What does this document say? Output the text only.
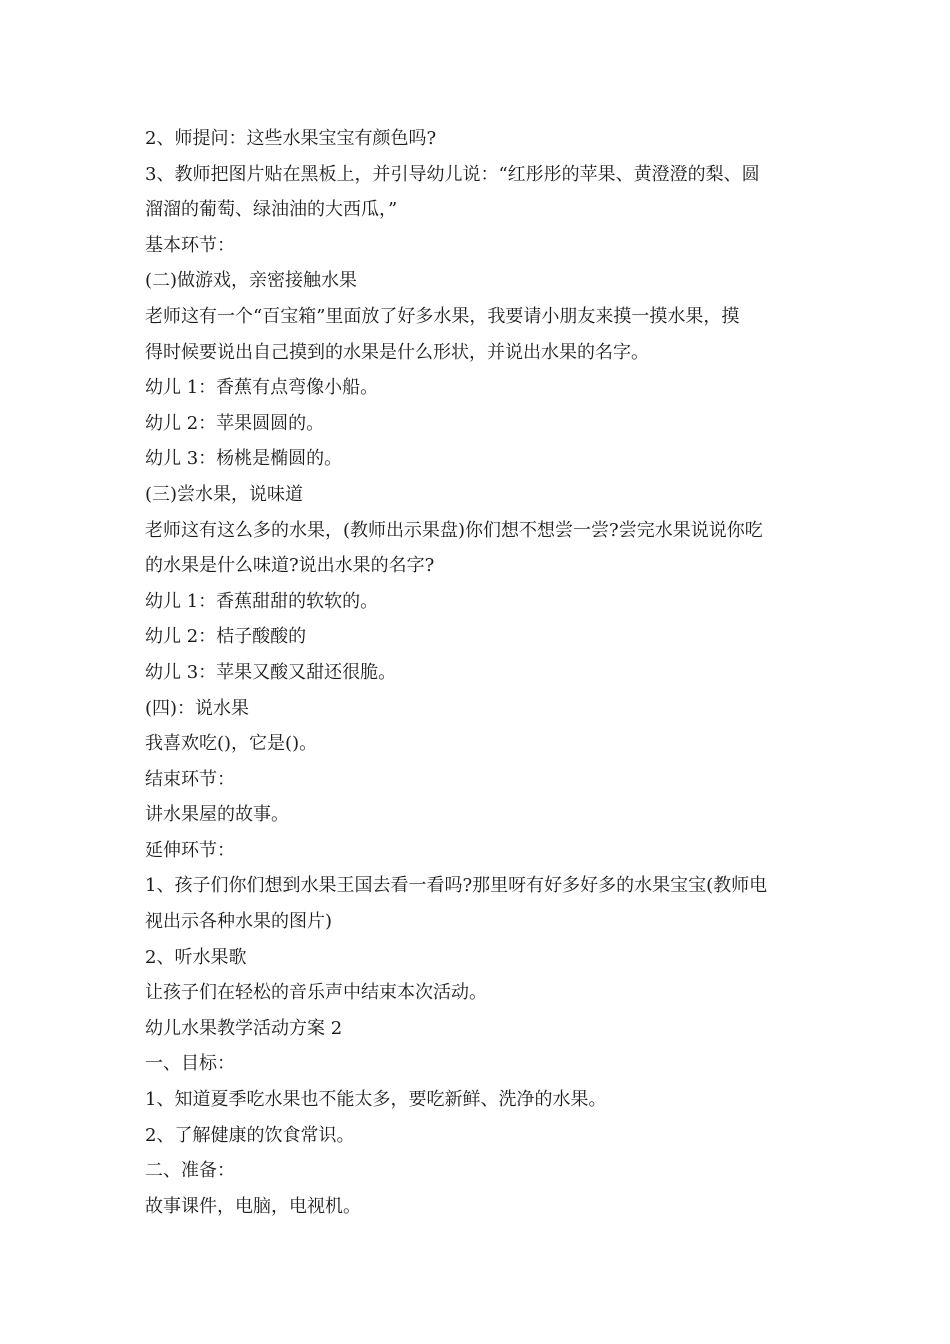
2、师提问：这些水果宝宝有颜色吗?
3、教师把图片贴在黑板上，并引导幼儿说：“红彤彤的苹果、黄澄澄的梨、圆
溜溜的葡萄、绿油油的大西瓜，”
基本环节：
(二)做游戏，亲密接触水果
老师这有一个“百宝箱”里面放了好多水果，我要请小朋友来摸一摸水果，摸
得时候要说出自己摸到的水果是什么形状，并说出水果的名字。
幼儿 1：香蕉有点弯像小船。
幼儿 2：苹果圆圆的。
幼儿 3：杨桃是椭圆的。
(三)尝水果，说味道
老师这有这么多的水果，(教师出示果盘)你们想不想尝一尝?尝完水果说说你吃
的水果是什么味道?说出水果的名字?
幼儿 1：香蕉甜甜的软软的。
幼儿 2：桔子酸酸的
幼儿 3：苹果又酸又甜还很脆。
(四)：说水果
我喜欢吃()，它是()。
结束环节：
讲水果屋的故事。
延伸环节：
1、孩子们你们想到水果王国去看一看吗?那里呀有好多好多的水果宝宝(教师电
视出示各种水果的图片)
2、听水果歌
让孩子们在轻松的音乐声中结束本次活动。
幼儿水果教学活动方案 2
一、目标：
1、知道夏季吃水果也不能太多，要吃新鲜、洗净的水果。
2、了解健康的饮食常识。
二、准备：
故事课件，电脑，电视机。
